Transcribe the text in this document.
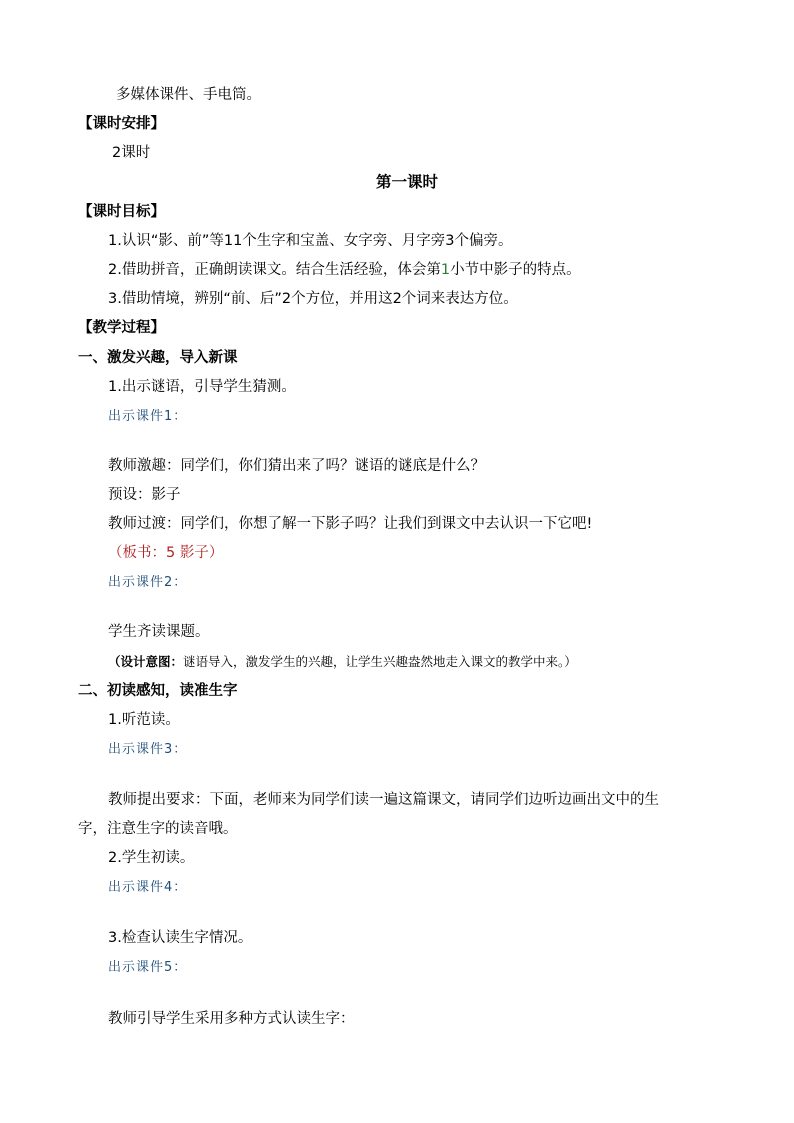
多媒体课件、手电筒。
【课时安排】
2课时
第一课时
【课时目标】
1.认识“影、前”等11个生字和宝盖、女字旁、月字旁3个偏旁。
2.借助拼音，正确朗读课文。结合生活经验，体会第1小节中影子的特点。
3.借助情境，辨别“前、后”2个方位，并用这2个词来表达方位。
【教学过程】
一、激发兴趣，导入新课
1.出示谜语，引导学生猜测。
出示课件1：
教师激趣：同学们，你们猜出来了吗？谜语的谜底是什么？
预设：影子
教师过渡：同学们，你想了解一下影子吗？让我们到课文中去认识一下它吧!
（板书：5 影子）
出示课件2：
学生齐读课题。
（设计意图：谜语导入，激发学生的兴趣，让学生兴趣盎然地走入课文的教学中来。）
二、初读感知，读准生字
1.听范读。
出示课件3：
教师提出要求：下面，老师来为同学们读一遍这篇课文，请同学们边听边画出文中的生
字，注意生字的读音哦。
2.学生初读。
出示课件4：
3.检查认读生字情况。
出示课件5：
教师引导学生采用多种方式认读生字：
